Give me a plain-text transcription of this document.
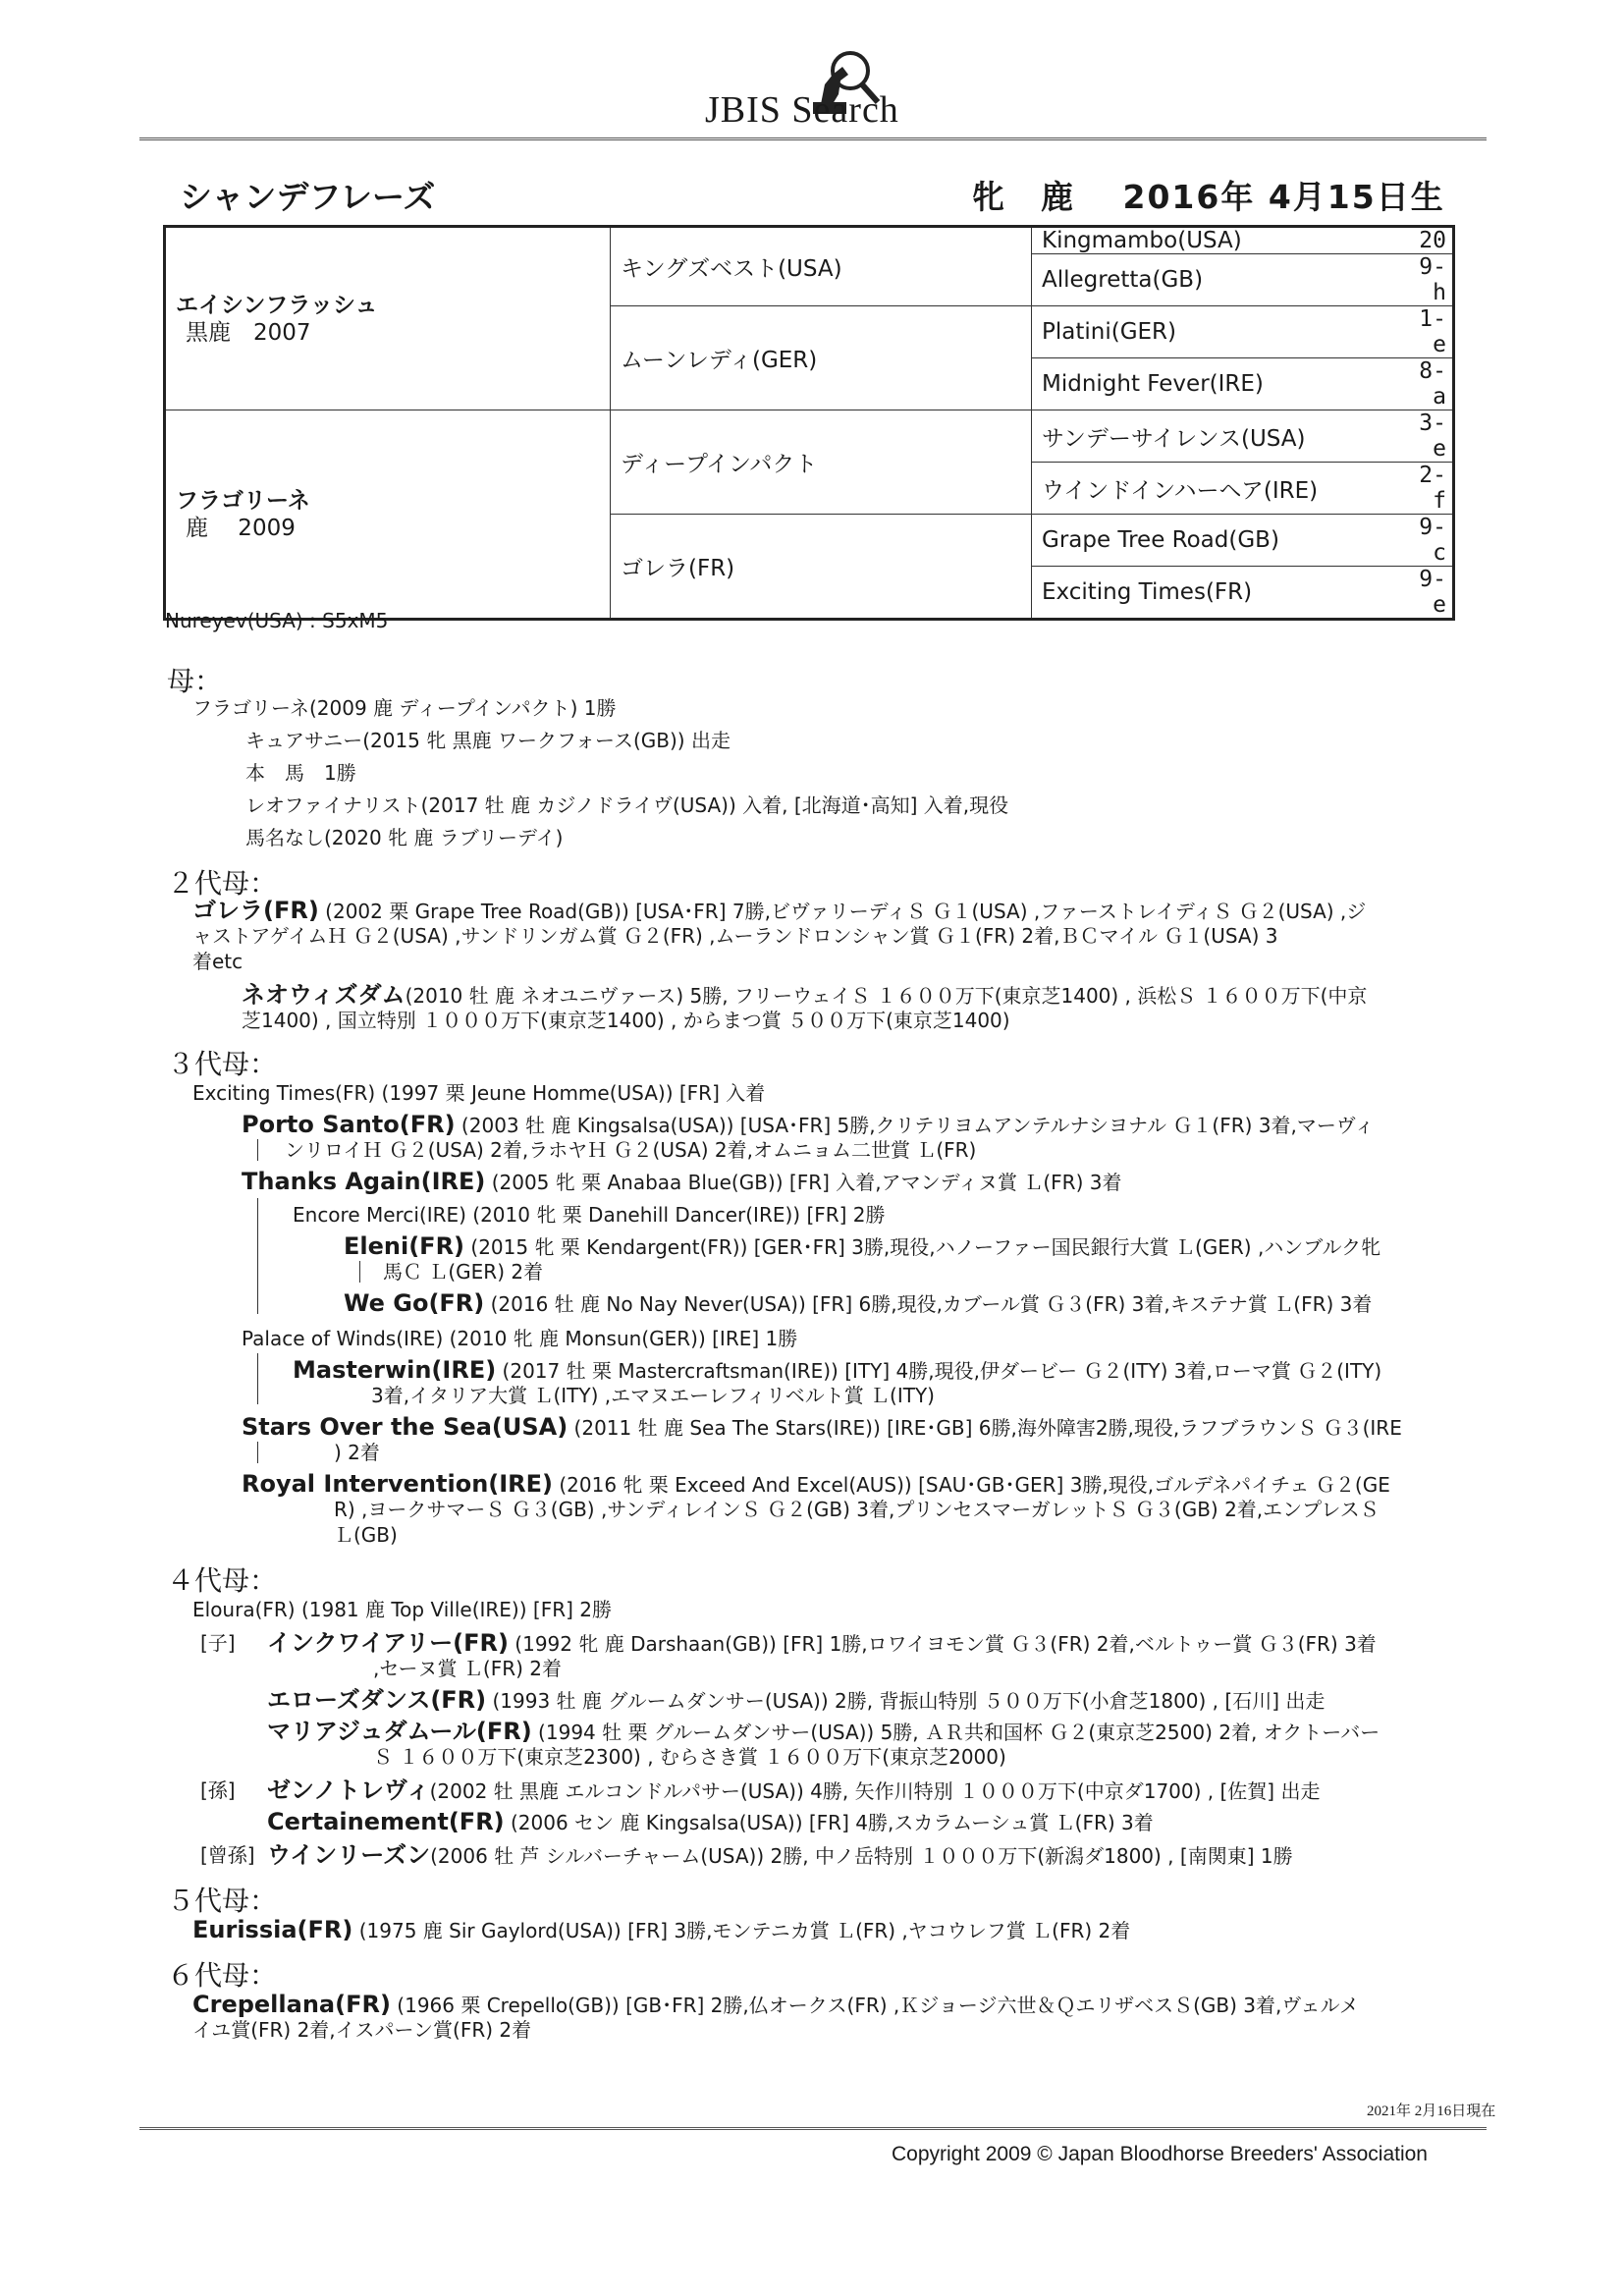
JBIS Search
シャンデフレーズ	牝　鹿　 2016年 4月15日生
エイシンフラッシュ
黒鹿　2007	キングズベスト(USA)	Kingmambo(USA)	20
		Allegretta(GB)	9-h
	ムーンレディ(GER)	Platini(GER)	1-e
		Midnight Fever(IRE)	8-a

フラゴリーネ
鹿　 2009	ディープインパクト	サンデーサイレンス(USA)	3-e
		ウインドインハーヘア(IRE)	2-f
	ゴレラ(FR)	Grape Tree Road(GB)	9-c
		Exciting Times(FR)	9-e
Nureyev(USA) : S5xM5
母：
フラゴリーネ(2009 鹿 ディープインパクト) 1勝
キュアサニー(2015 牝 黒鹿 ワークフォース(GB)) 出走
本　馬　1勝
レオファイナリスト(2017 牡 鹿 カジノドライヴ(USA)) 入着, [北海道･高知] 入着,現役
馬名なし(2020 牝 鹿 ラブリーデイ)
２代母：
ゴレラ(FR) (2002 栗 Grape Tree Road(GB)) [USA･FR] 7勝,ビヴァリーディＳ Ｇ１(USA) ,ファーストレイディＳ Ｇ２(USA) ,ジ
ャストアゲイムＨ Ｇ２(USA) ,サンドリンガム賞 Ｇ２(FR) ,ムーランドロンシャン賞 Ｇ１(FR) 2着,ＢＣマイル Ｇ１(USA) 3
着etc
ネオウィズダム(2010 牡 鹿 ネオユニヴァース) 5勝, フリーウェイＳ １６００万下(東京芝1400) , 浜松Ｓ １６００万下(中京
芝1400) , 国立特別 １０００万下(東京芝1400) , からまつ賞 ５００万下(東京芝1400)
３代母：
Exciting Times(FR) (1997 栗 Jeune Homme(USA)) [FR] 入着
Porto Santo(FR) (2003 牡 鹿 Kingsalsa(USA)) [USA･FR] 5勝,クリテリヨムアンテルナシヨナル Ｇ１(FR) 3着,マーヴィ
ンリロイＨ Ｇ２(USA) 2着,ラホヤＨ Ｇ２(USA) 2着,オムニョム二世賞 Ｌ(FR)
Thanks Again(IRE) (2005 牝 栗 Anabaa Blue(GB)) [FR] 入着,アマンディヌ賞 Ｌ(FR) 3着
Encore Merci(IRE) (2010 牝 栗 Danehill Dancer(IRE)) [FR] 2勝
Eleni(FR) (2015 牝 栗 Kendargent(FR)) [GER･FR] 3勝,現役,ハノーファー国民銀行大賞 Ｌ(GER) ,ハンブルク牝
馬Ｃ Ｌ(GER) 2着
We Go(FR) (2016 牡 鹿 No Nay Never(USA)) [FR] 6勝,現役,カブール賞 Ｇ３(FR) 3着,キステナ賞 Ｌ(FR) 3着
Palace of Winds(IRE) (2010 牝 鹿 Monsun(GER)) [IRE] 1勝
Masterwin(IRE) (2017 牡 栗 Mastercraftsman(IRE)) [ITY] 4勝,現役,伊ダービー Ｇ２(ITY) 3着,ローマ賞 Ｇ２(ITY)
3着,イタリア大賞 Ｌ(ITY) ,エマヌエーレフィリベルト賞 Ｌ(ITY)
Stars Over the Sea(USA) (2011 牡 鹿 Sea The Stars(IRE)) [IRE･GB] 6勝,海外障害2勝,現役,ラフブラウンＳ Ｇ３(IRE
) 2着
Royal Intervention(IRE) (2016 牝 栗 Exceed And Excel(AUS)) [SAU･GB･GER] 3勝,現役,ゴルデネパイチェ Ｇ２(GE
R) ,ヨークサマーＳ Ｇ３(GB) ,サンディレインＳ Ｇ２(GB) 3着,プリンセスマーガレットＳ Ｇ３(GB) 2着,エンプレスＳ
Ｌ(GB)
４代母：
Eloura(FR) (1981 鹿 Top Ville(IRE)) [FR] 2勝
[子] インクワイアリー(FR) (1992 牝 鹿 Darshaan(GB)) [FR] 1勝,ロワイヨモン賞 Ｇ３(FR) 2着,ベルトゥー賞 Ｇ３(FR) 3着
,セーヌ賞 Ｌ(FR) 2着
エローズダンス(FR) (1993 牡 鹿 グルームダンサー(USA)) 2勝, 背振山特別 ５００万下(小倉芝1800) , [石川] 出走
マリアジュダムール(FR) (1994 牡 栗 グルームダンサー(USA)) 5勝, ＡＲ共和国杯 Ｇ２(東京芝2500) 2着, オクトーバー
Ｓ １６００万下(東京芝2300) , むらさき賞 １６００万下(東京芝2000)
[孫] ゼンノトレヴィ(2002 牡 黒鹿 エルコンドルパサー(USA)) 4勝, 矢作川特別 １０００万下(中京ダ1700) , [佐賀] 出走
Certainement(FR) (2006 セン 鹿 Kingsalsa(USA)) [FR] 4勝,スカラムーシュ賞 Ｌ(FR) 3着
[曾孫] ウインリーズン(2006 牡 芦 シルバーチャーム(USA)) 2勝, 中ノ岳特別 １０００万下(新潟ダ1800) , [南関東] 1勝
５代母：
Eurissia(FR) (1975 鹿 Sir Gaylord(USA)) [FR] 3勝,モンテニカ賞 Ｌ(FR) ,ヤコウレフ賞 Ｌ(FR) 2着
６代母：
Crepellana(FR) (1966 栗 Crepello(GB)) [GB･FR] 2勝,仏オークス(FR) ,Ｋジョージ六世＆ＱエリザベスＳ(GB) 3着,ヴェルメ
イユ賞(FR) 2着,イスパーン賞(FR) 2着
2021年 2月16日現在
Copyright 2009 © Japan Bloodhorse Breeders' Association
